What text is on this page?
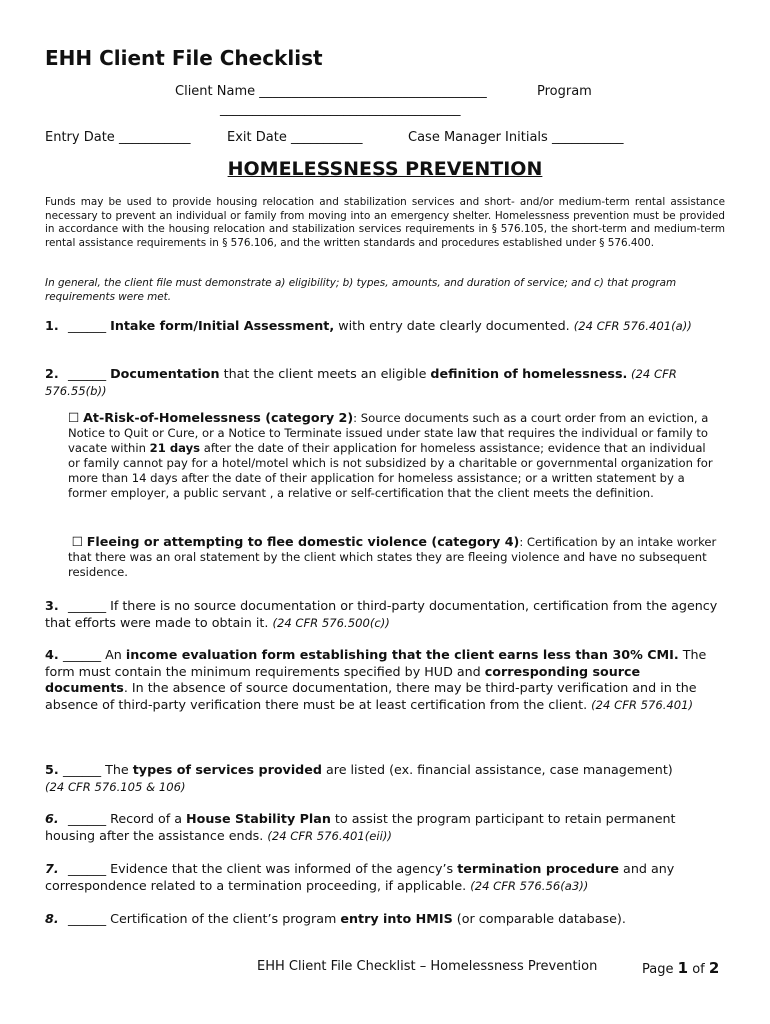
EHH Client File Checklist
Client Name ___________________________________	Program
_____________________________________
Entry Date ___________	Exit Date ___________	Case Manager Initials ___________
HOMELESSNESS PREVENTION
Funds may be used to provide housing relocation and stabilization services and short- and/or medium-term rental assistance necessary to prevent an individual or family from moving into an emergency shelter. Homelessness prevention must be provided in accordance with the housing relocation and stabilization services requirements in § 576.105, the short-term and medium-term rental assistance requirements in § 576.106, and the written standards and procedures established under § 576.400.
In general, the client file must demonstrate a) eligibility; b) types, amounts, and duration of service; and c) that program requirements were met.
1. ______ Intake form/Initial Assessment, with entry date clearly documented. (24 CFR 576.401(a))
2. ______ Documentation that the client meets an eligible definition of homelessness. (24 CFR 576.55(b))
☐ At-Risk-of-Homelessness (category 2): Source documents such as a court order from an eviction, a Notice to Quit or Cure, or a Notice to Terminate issued under state law that requires the individual or family to vacate within 21 days after the date of their application for homeless assistance; evidence that an individual or family cannot pay for a hotel/motel which is not subsidized by a charitable or governmental organization for more than 14 days after the date of their application for homeless assistance; or a written statement by a former employer, a public servant , a relative or self-certification that the client meets the definition.
☐ Fleeing or attempting to flee domestic violence (category 4): Certification by an intake worker that there was an oral statement by the client which states they are fleeing violence and have no subsequent residence.
3. ______ If there is no source documentation or third-party documentation, certification from the agency that efforts were made to obtain it. (24 CFR 576.500(c))
4. ______ An income evaluation form establishing that the client earns less than 30% CMI. The form must contain the minimum requirements specified by HUD and corresponding source documents. In the absence of source documentation, there may be third-party verification and in the absence of third-party verification there must be at least certification from the client. (24 CFR 576.401)
5. ______ The types of services provided are listed (ex. financial assistance, case management) (24 CFR 576.105 & 106)
6. ______ Record of a House Stability Plan to assist the program participant to retain permanent housing after the assistance ends. (24 CFR 576.401(eii))
7. ______ Evidence that the client was informed of the agency’s termination procedure and any correspondence related to a termination proceeding, if applicable. (24 CFR 576.56(a3))
8. ______ Certification of the client’s program entry into HMIS (or comparable database).
EHH Client File Checklist – Homelessness Prevention	Page 1 of 2
